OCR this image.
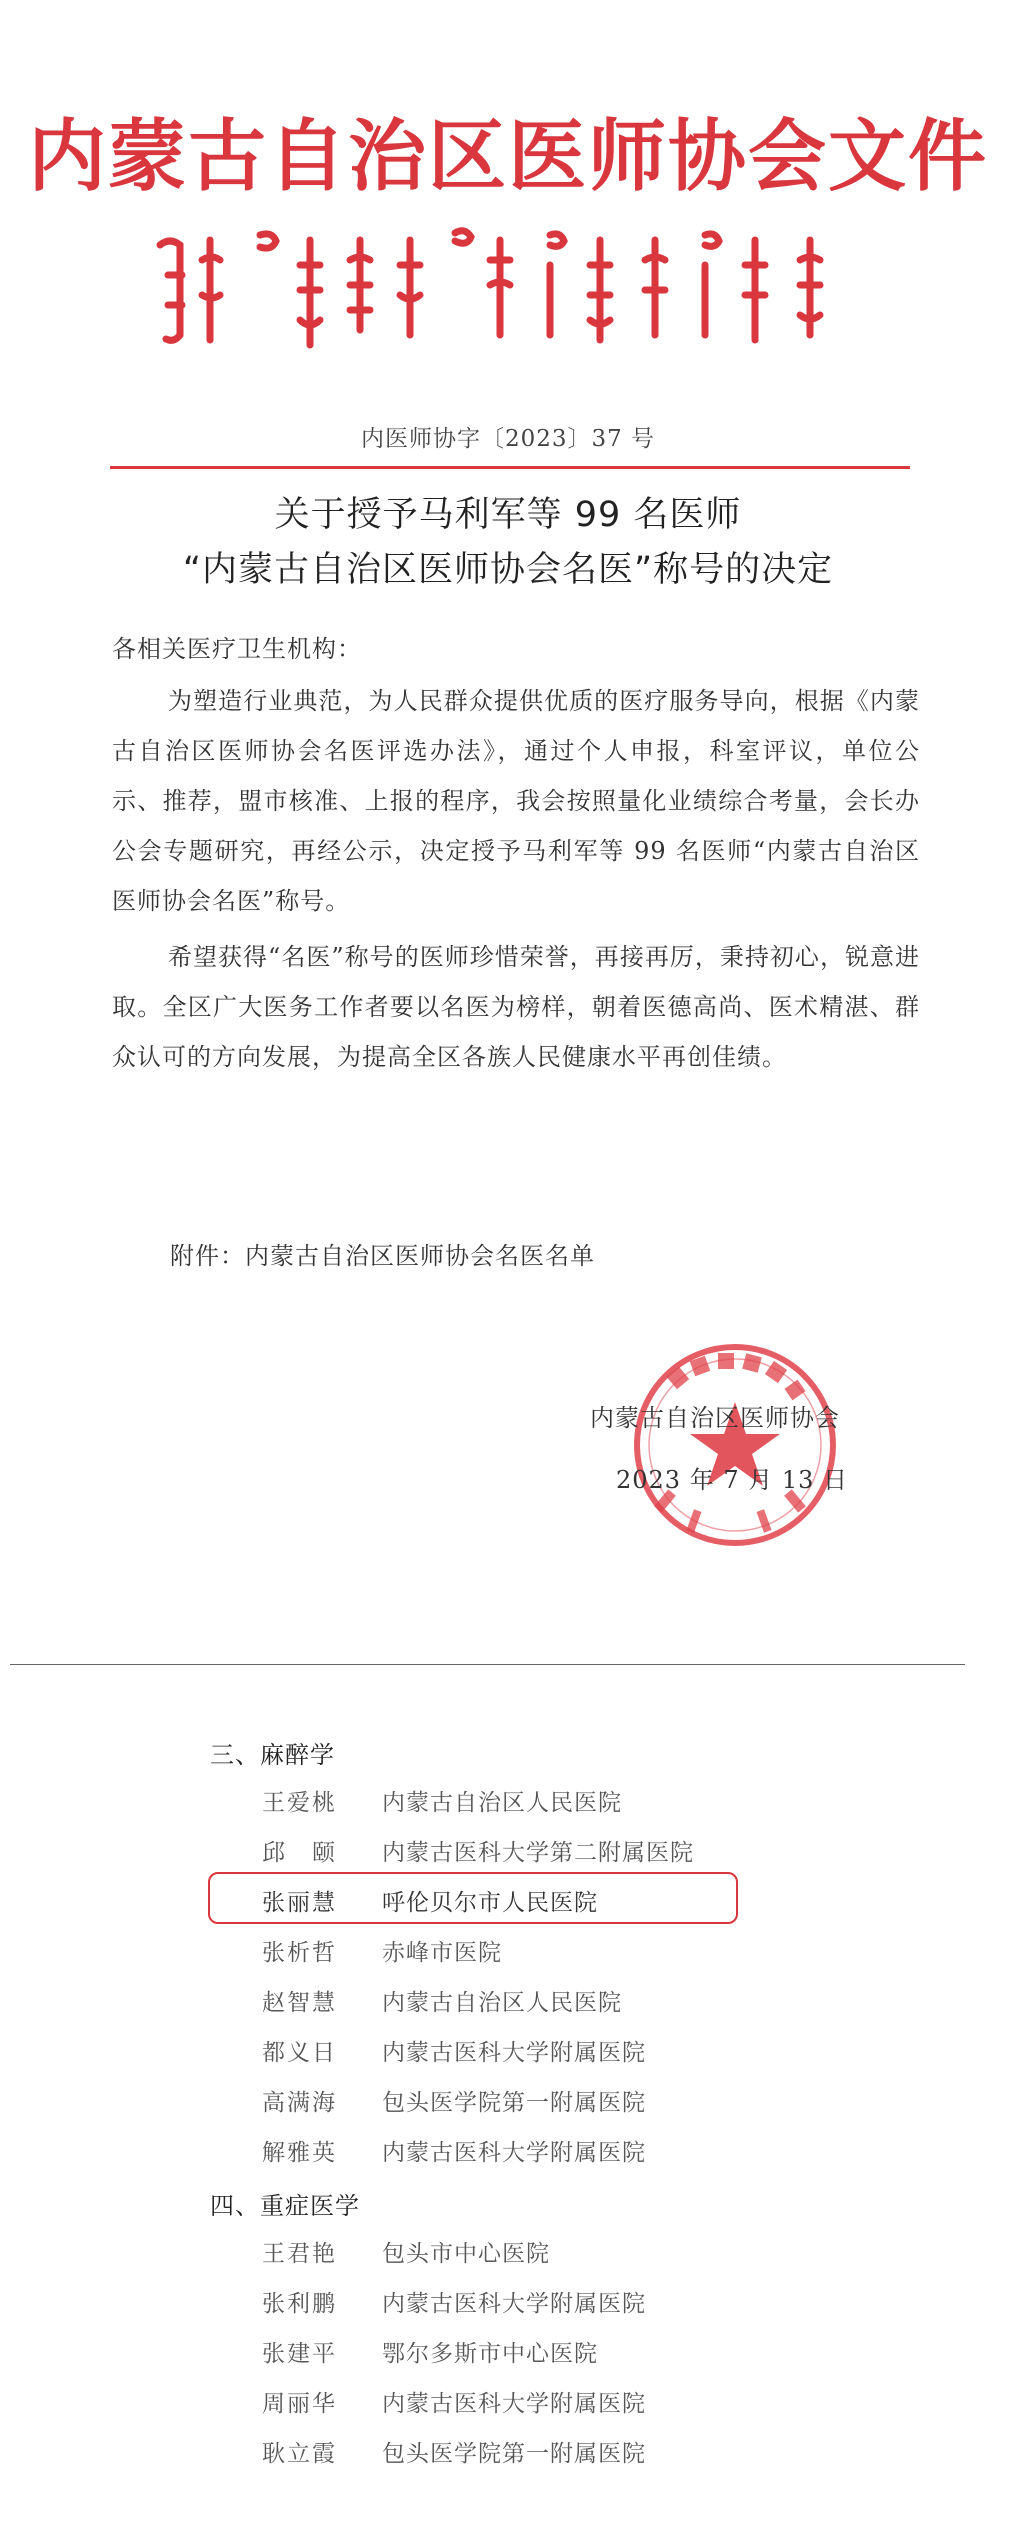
内蒙古自治区医师协会文件
内医师协字〔2023〕37 号
关于授予马利军等 99 名医师
“内蒙古自治区医师协会名医”称号的决定
各相关医疗卫生机构：
为塑造行业典范，为人民群众提供优质的医疗服务导向，根据《内蒙古自治区医师协会名医评选办法》，通过个人申报，科室评议，单位公示、推荐，盟市核准、上报的程序，我会按照量化业绩综合考量，会长办公会专题研究，再经公示，决定授予马利军等 99 名医师“内蒙古自治区医师协会名医”称号。
希望获得“名医”称号的医师珍惜荣誉，再接再厉，秉持初心，锐意进取。全区广大医务工作者要以名医为榜样，朝着医德高尚、医术精湛、群众认可的方向发展，为提高全区各族人民健康水平再创佳绩。
附件：内蒙古自治区医师协会名医名单
内蒙古自治区医师协会
2023 年 7 月 13 日
三、麻醉学
王爱桃 内蒙古自治区人民医院
邱　颐 内蒙古医科大学第二附属医院
张丽慧 呼伦贝尔市人民医院
张析哲 赤峰市医院
赵智慧 内蒙古自治区人民医院
都义日 内蒙古医科大学附属医院
高满海 包头医学院第一附属医院
解雅英 内蒙古医科大学附属医院
四、重症医学
王君艳 包头市中心医院
张利鹏 内蒙古医科大学附属医院
张建平 鄂尔多斯市中心医院
周丽华 内蒙古医科大学附属医院
耿立霞 包头医学院第一附属医院
